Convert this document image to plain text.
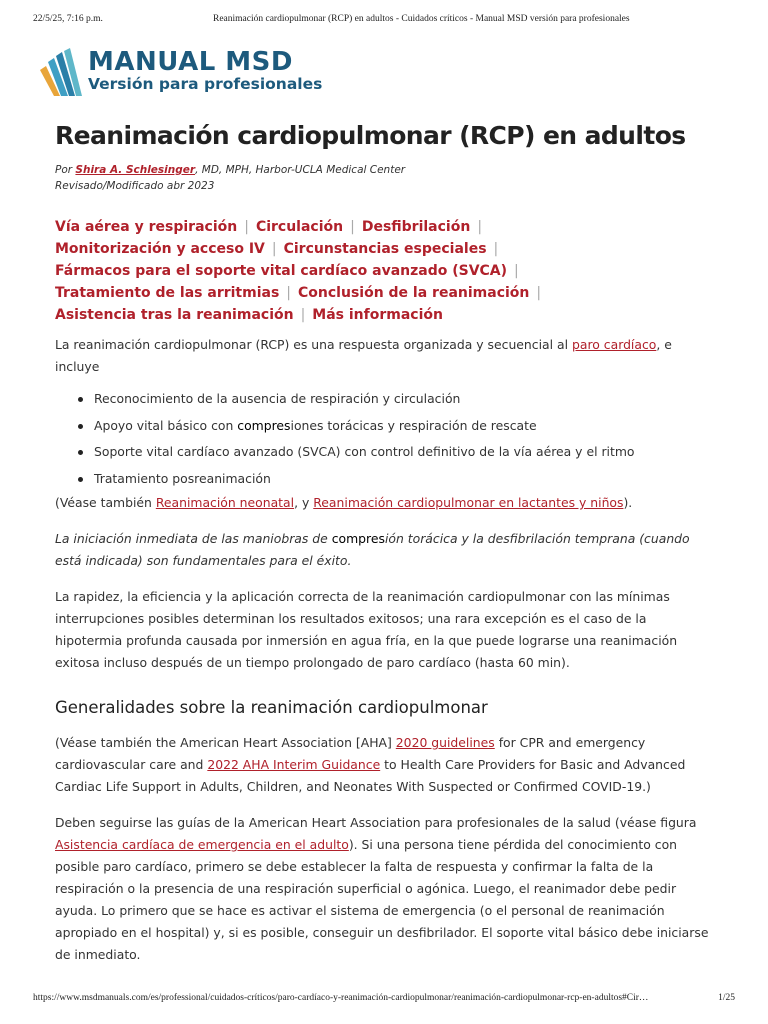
22/5/25, 7:16 p.m.	Reanimación cardiopulmonar (RCP) en adultos - Cuidados críticos - Manual MSD versión para profesionales
MANUAL MSD
Versión para profesionales
Reanimación cardiopulmonar (RCP) en adultos
Por Shira A. Schlesinger, MD, MPH, Harbor-UCLA Medical Center
Revisado/Modificado abr 2023
Vía aérea y respiración | Circulación | Desfibrilación |
Monitorización y acceso IV | Circunstancias especiales |
Fármacos para el soporte vital cardíaco avanzado (SVCA) |
Tratamiento de las arritmias | Conclusión de la reanimación |
Asistencia tras la reanimación | Más información

La reanimación cardiopulmonar (RCP) es una respuesta organizada y secuencial al paro cardíaco, e incluye

Reconocimiento de la ausencia de respiración y circulación
Apoyo vital básico con compresiones torácicas y respiración de rescate
Soporte vital cardíaco avanzado (SVCA) con control definitivo de la vía aérea y el ritmo
Tratamiento posreanimación

(Véase también Reanimación neonatal, y Reanimación cardiopulmonar en lactantes y niños).

La iniciación inmediata de las maniobras de compresión torácica y la desfibrilación temprana (cuando está indicada) son fundamentales para el éxito.

La rapidez, la eficiencia y la aplicación correcta de la reanimación cardiopulmonar con las mínimas interrupciones posibles determinan los resultados exitosos; una rara excepción es el caso de la hipotermia profunda causada por inmersión en agua fría, en la que puede lograrse una reanimación exitosa incluso después de un tiempo prolongado de paro cardíaco (hasta 60 min).

Generalidades sobre la reanimación cardiopulmonar

(Véase también the American Heart Association [AHA] 2020 guidelines for CPR and emergency cardiovascular care and 2022 AHA Interim Guidance to Health Care Providers for Basic and Advanced Cardiac Life Support in Adults, Children, and Neonates With Suspected or Confirmed COVID-19.)

Deben seguirse las guías de la American Heart Association para profesionales de la salud (véase figura Asistencia cardíaca de emergencia en el adulto). Si una persona tiene pérdida del conocimiento con posible paro cardíaco, primero se debe establecer la falta de respuesta y confirmar la falta de la respiración o la presencia de una respiración superficial o agónica. Luego, el reanimador debe pedir ayuda. Lo primero que se hace es activar el sistema de emergencia (o el personal de reanimación apropiado en el hospital) y, si es posible, conseguir un desfibrilador. El soporte vital básico debe iniciarse de inmediato.

https://www.msdmanuals.com/es/professional/cuidados-críticos/paro-cardíaco-y-reanimación-cardiopulmonar/reanimación-cardiopulmonar-rcp-en-adultos#Cir…	1/25
